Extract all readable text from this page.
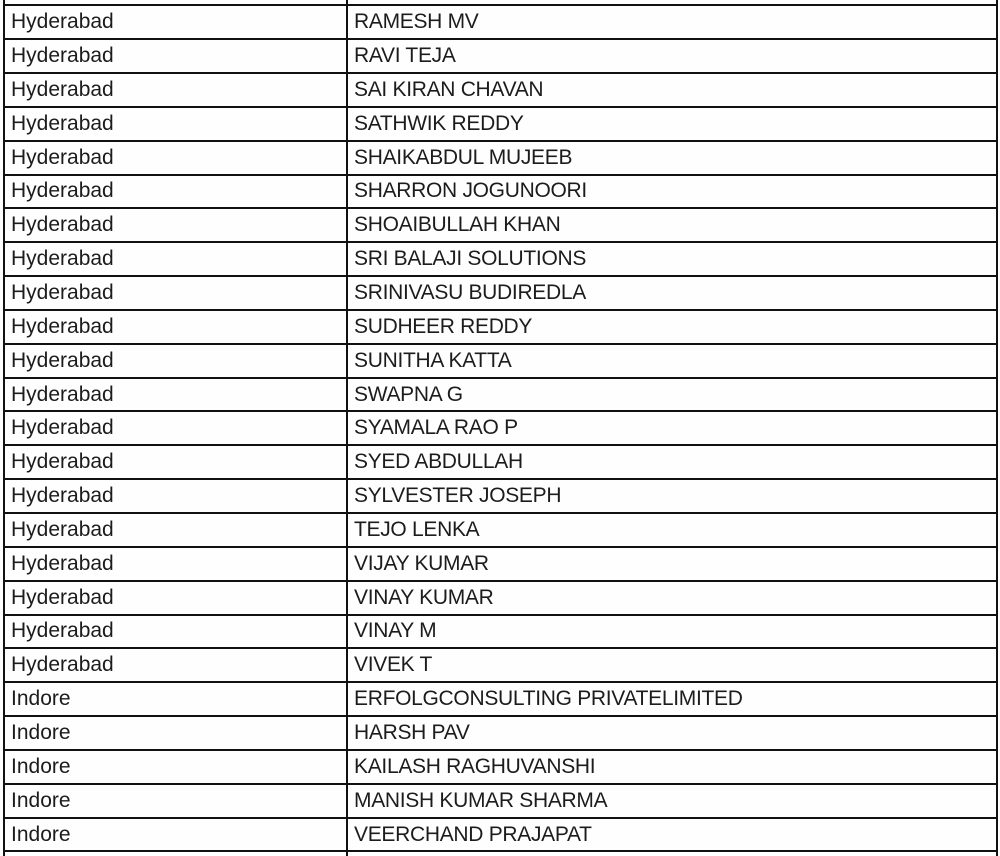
Hyderabad	RAMESH MV
Hyderabad	RAVI TEJA
Hyderabad	SAI KIRAN CHAVAN
Hyderabad	SATHWIK REDDY
Hyderabad	SHAIKABDUL MUJEEB
Hyderabad	SHARRON JOGUNOORI
Hyderabad	SHOAIBULLAH KHAN
Hyderabad	SRI BALAJI SOLUTIONS
Hyderabad	SRINIVASU BUDIREDLA
Hyderabad	SUDHEER REDDY
Hyderabad	SUNITHA KATTA
Hyderabad	SWAPNA G
Hyderabad	SYAMALA RAO P
Hyderabad	SYED ABDULLAH
Hyderabad	SYLVESTER JOSEPH
Hyderabad	TEJO LENKA
Hyderabad	VIJAY KUMAR
Hyderabad	VINAY KUMAR
Hyderabad	VINAY M
Hyderabad	VIVEK T
Indore	ERFOLGCONSULTING PRIVATELIMITED
Indore	HARSH PAV
Indore	KAILASH RAGHUVANSHI
Indore	MANISH KUMAR SHARMA
Indore	VEERCHAND PRAJAPAT
